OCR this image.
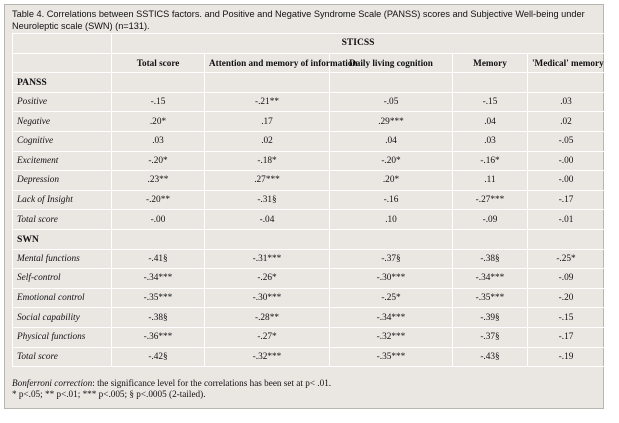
Table 4. Correlations between SSTICS factors. and Positive and Negative Syndrome Scale (PANSS) scores and Subjective Well-being under Neuroleptic scale (SWN) (n=131).
	STICSS				
	Total score	Attention and memory of information	Daily living cognition	Memory	'Medical' memory
PANSS					
Positive	-.15	-.21**	-.05	-.15	.03
Negative	.20*	.17	.29***	.04	.02
Cognitive	.03	.02	.04	.03	-.05
Excitement	-.20*	-.18*	-.20*	-.16*	-.00
Depression	.23**	.27***	.20*	.11	-.00
Lack of Insight	-.20**	-.31§	-.16	-.27***	-.17
Total score	-.00	-.04	.10	-.09	-.01
SWN					
Mental functions	-.41§	-.31***	-.37§	-.38§	-.25*
Self-control	-.34***	-.26*	-.30***	-.34***	-.09
Emotional control	-.35***	-.30***	-.25*	-.35***	-.20
Social capability	-.38§	-.28**	-.34***	-.39§	-.15
Physical functions	-.36***	-.27*	-.32***	-.37§	-.17
Total score	-.42§	-.32***	-.35***	-.43§	-.19
Bonferroni correction: the significance level for the correlations has been set at p< .01.
* p<.05; ** p<.01; *** p<.005; § p<.0005 (2-tailed).
